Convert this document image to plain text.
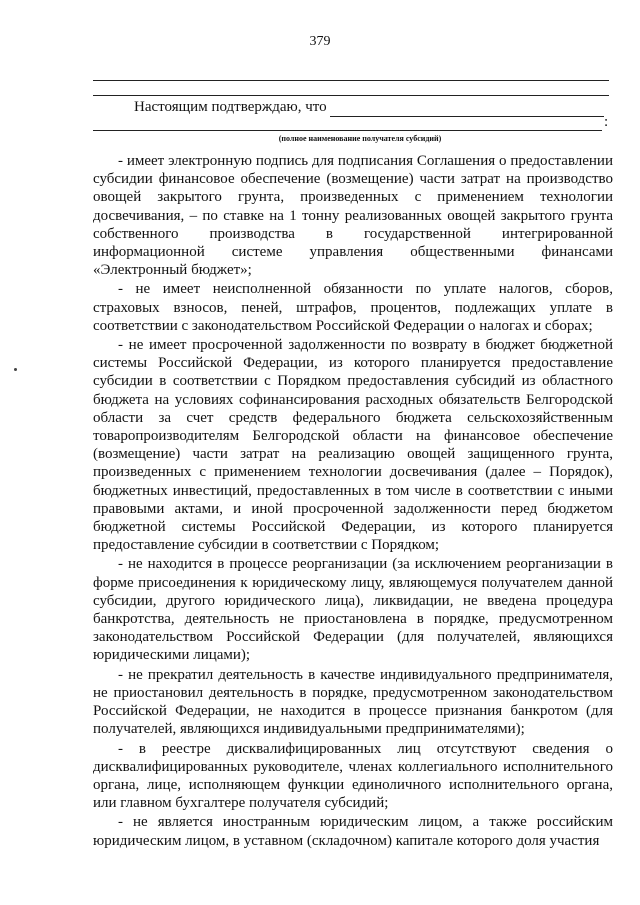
379
Настоящим подтверждаю, что
:
(полное наименование получателя субсидий)

- имеет электронную подпись для подписания Соглашения о предоставлении субсидии финансовое обеспечение (возмещение) части затрат на производство овощей закрытого грунта, произведенных с применением технологии досвечивания, – по ставке на 1 тонну реализованных овощей закрытого грунта собственного производства в государственной интегрированной информационной системе управления общественными финансами «Электронный бюджет»;

- не имеет неисполненной обязанности по уплате налогов, сборов, страховых взносов, пеней, штрафов, процентов, подлежащих уплате в соответствии с законодательством Российской Федерации о налогах и сборах;

- не имеет просроченной задолженности по возврату в бюджет бюджетной системы Российской Федерации, из которого планируется предоставление субсидии в соответствии с Порядком предоставления субсидий из областного бюджета на условиях софинансирования расходных обязательств Белгородской области за счет средств федерального бюджета сельскохозяйственным товаропроизводителям Белгородской области на финансовое обеспечение (возмещение) части затрат на реализацию овощей защищенного грунта, произведенных с применением технологии досвечивания (далее – Порядок), бюджетных инвестиций, предоставленных в том числе в соответствии с иными правовыми актами, и иной просроченной задолженности перед бюджетом бюджетной системы Российской Федерации, из которого планируется предоставление субсидии в соответствии с Порядком;

- не находится в процессе реорганизации (за исключением реорганизации в форме присоединения к юридическому лицу, являющемуся получателем данной субсидии, другого юридического лица), ликвидации, не введена процедура банкротства, деятельность не приостановлена в порядке, предусмотренном законодательством Российской Федерации (для получателей, являющихся юридическими лицами);

- не прекратил деятельность в качестве индивидуального предпринимателя, не приостановил деятельность в порядке, предусмотренном законодательством Российской Федерации, не находится в процессе признания банкротом (для получателей, являющихся индивидуальными предпринимателями);

- в реестре дисквалифицированных лиц отсутствуют сведения о дисквалифицированных руководителе, членах коллегиального исполнительного органа, лице, исполняющем функции единоличного исполнительного органа, или главном бухгалтере получателя субсидий;

- не является иностранным юридическим лицом, а также российским юридическим лицом, в уставном (складочном) капитале которого доля участия
